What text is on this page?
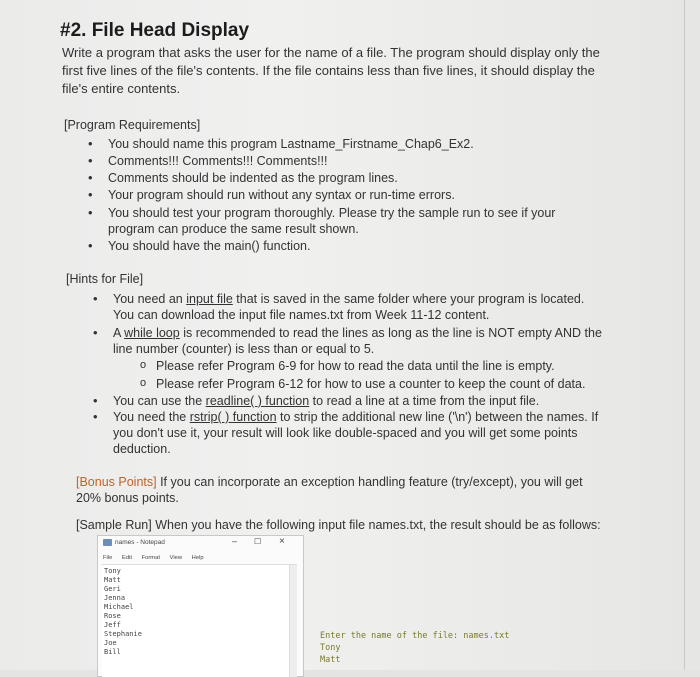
#2. File Head Display
Write a program that asks the user for the name of a file. The program should display only the
first five lines of the file's contents. If the file contains less than five lines, it should display the
file's entire contents.
[Program Requirements]
• You should name this program Lastname_Firstname_Chap6_Ex2.
• Comments!!! Comments!!! Comments!!!
• Comments should be indented as the program lines.
• Your program should run without any syntax or run-time errors.
• You should test your program thoroughly. Please try the sample run to see if your
program can produce the same result shown.
• You should have the main() function.
[Hints for File]
• You need an input file that is saved in the same folder where your program is located.
You can download the input file names.txt from Week 11-12 content.
• A while loop is recommended to read the lines as long as the line is NOT empty AND the
line number (counter) is less than or equal to 5.
o Please refer Program 6-9 for how to read the data until the line is empty.
o Please refer Program 6-12 for how to use a counter to keep the count of data.
• You can use the readline( ) function to read a line at a time from the input file.
• You need the rstrip( ) function to strip the additional new line ('\n') between the names. If
you don't use it, your result will look like double-spaced and you will get some points
deduction.
[Bonus Points] If you can incorporate an exception handling feature (try/except), you will get
20% bonus points.
[Sample Run] When you have the following input file names.txt, the result should be as follows:
names - Notepad	– ☐ ×
File Edit Format View Help
Tony
Matt
Geri
Jenna
Michael
Rose
Jeff
Stephanie
Joe
Bill
Enter the name of the file: names.txt
Tony
Matt
